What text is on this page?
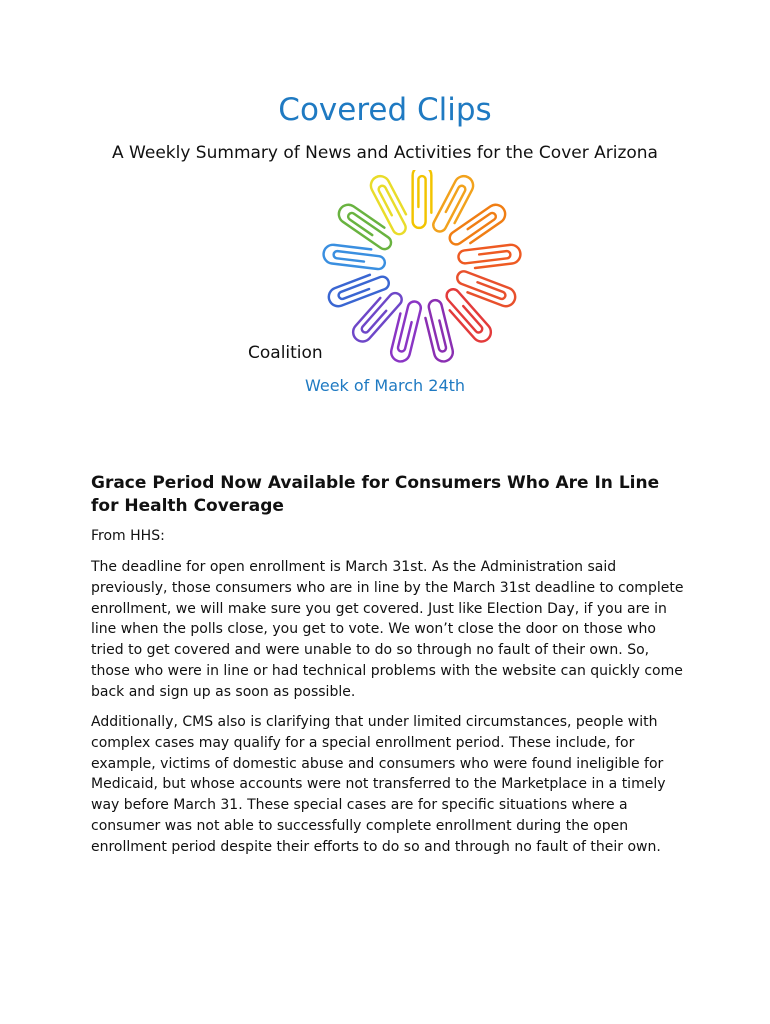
Covered Clips
A Weekly Summary of News and Activities for the Cover Arizona
Coalition
Week of March 24th
Grace Period Now Available for Consumers Who Are In Line for Health Coverage
From HHS:

The deadline for open enrollment is March 31st. As the Administration said previously, those consumers who are in line by the March 31st deadline to complete enrollment, we will make sure you get covered. Just like Election Day, if you are in line when the polls close, you get to vote. We won’t close the door on those who tried to get covered and were unable to do so through no fault of their own. So, those who were in line or had technical problems with the website can quickly come back and sign up as soon as possible.

Additionally, CMS also is clarifying that under limited circumstances, people with complex cases may qualify for a special enrollment period. These include, for example, victims of domestic abuse and consumers who were found ineligible for Medicaid, but whose accounts were not transferred to the Marketplace in a timely way before March 31. These special cases are for specific situations where a consumer was not able to successfully complete enrollment during the open enrollment period despite their efforts to do so and through no fault of their own.
